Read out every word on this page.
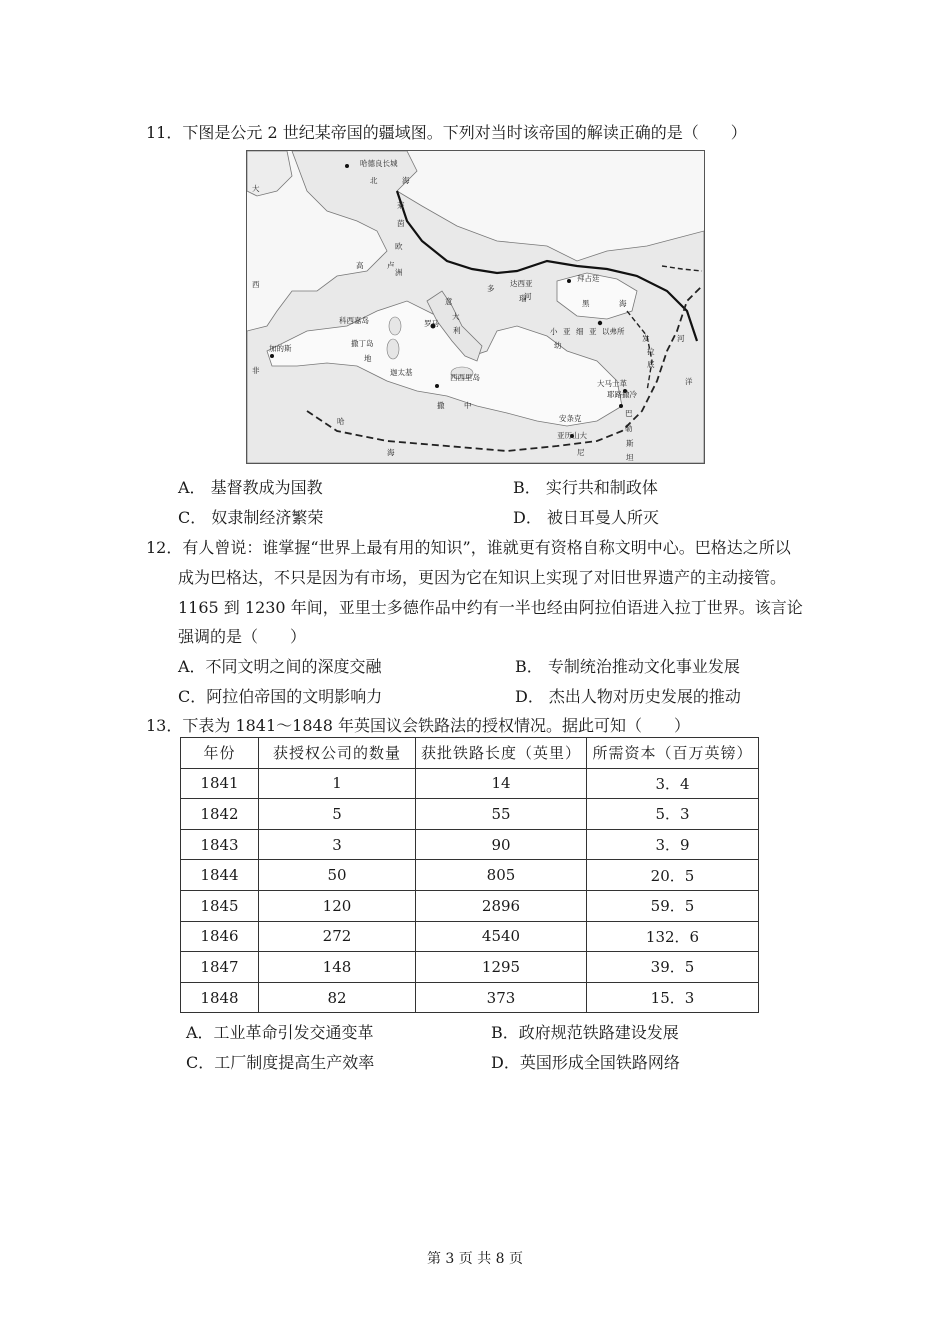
11．下图是公元 2 世纪某帝国的疆域图。下列对当时该帝国的解读正确的是（　　）
哈德良长城
北	海
莱
茵
大
欧
洲
高	卢
西	达西亚
多
瑙
河
拜占廷
黑	海
科西嘉岛
意
大
利
罗马
撒丁岛
加的斯
地
迦太基
西西里岛
中
小 亚 细 亚 以弗所
幼
发
拉
底
河
洋
非
撒
哈
海
安条克
大马士革
耶路撒冷
巴
勒
斯
坦
亚历山大
尼
A． 基督教成为国教	B． 实行共和制政体
C． 奴隶制经济繁荣	D． 被日耳曼人所灭
12．有人曾说：谁掌握“世界上最有用的知识”，谁就更有资格自称文明中心。巴格达之所以
成为巴格达，不只是因为有市场，更因为它在知识上实现了对旧世界遗产的主动接管。
1165 到 1230 年间，亚里士多德作品中约有一半也经由阿拉伯语进入拉丁世界。该言论
强调的是（　　）
A．不同文明之间的深度交融	B． 专制统治推动文化事业发展
C．阿拉伯帝国的文明影响力	D． 杰出人物对历史发展的推动
13．下表为 1841～1848 年英国议会铁路法的授权情况。据此可知（　　）
年份	获授权公司的数量	获批铁路长度（英里）	所需资本（百万英镑）
1841	1	14	3．4
1842	5	55	5．3
1843	3	90	3．9
1844	50	805	20．5
1845	120	2896	59．5
1846	272	4540	132．6
1847	148	1295	39．5
1848	82	373	15．3
A．工业革命引发交通变革	B．政府规范铁路建设发展
C．工厂制度提高生产效率	D．英国形成全国铁路网络
第 3 页 共 8 页
